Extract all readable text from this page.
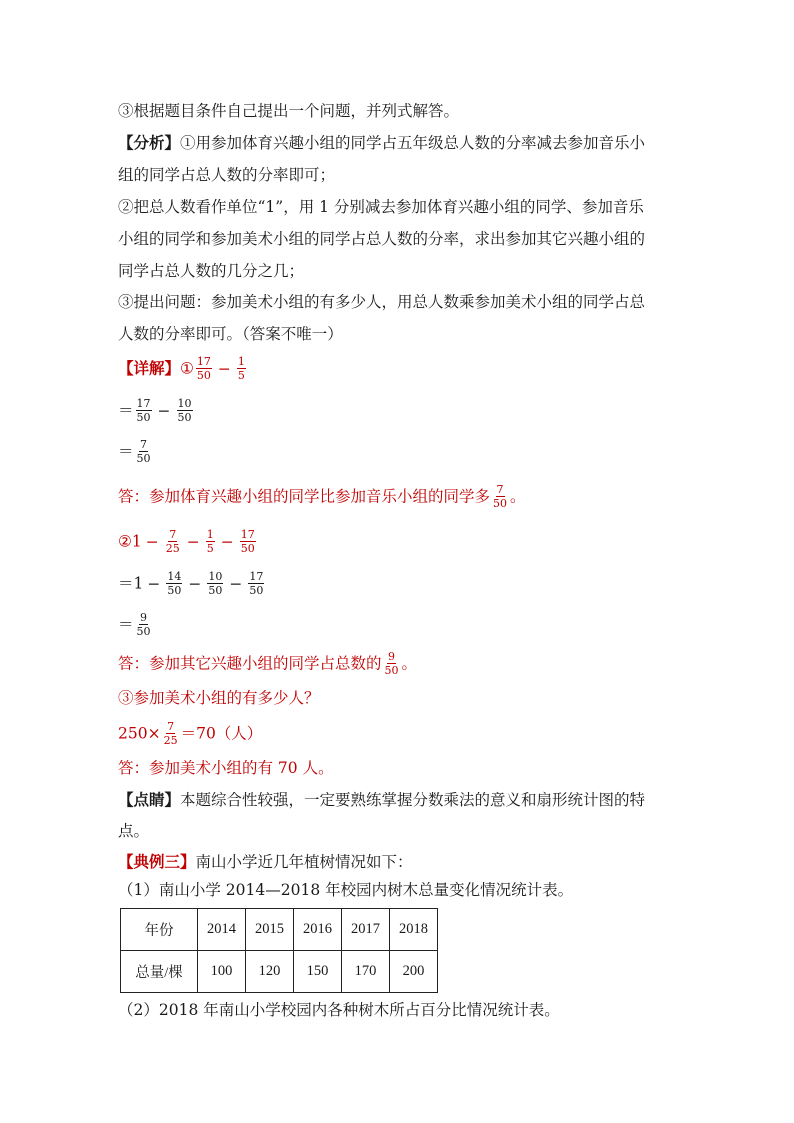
③根据题目条件自己提出一个问题，并列式解答。
【分析】①用参加体育兴趣小组的同学占五年级总人数的分率减去参加音乐小
组的同学占总人数的分率即可；
②把总人数看作单位“1”，用 1 分别减去参加体育兴趣小组的同学、参加音乐
小组的同学和参加美术小组的同学占总人数的分率，求出参加其它兴趣小组的
同学占总人数的几分之几；
③提出问题：参加美术小组的有多少人，用总人数乘参加美术小组的同学占总
人数的分率即可。（答案不唯一）
【详解】① $\frac{17}{50} - \frac{1}{5}$
＝ $\frac{17}{50} - \frac{10}{50}$
＝ $\frac{7}{50}$
答：参加体育兴趣小组的同学比参加音乐小组的同学多 $\frac{7}{50}$ 。
②1 − $\frac{7}{25} - \frac{1}{5} - \frac{17}{50}$
$=1 - \frac{14}{50} - \frac{10}{50} - \frac{17}{50}$
＝ $\frac{9}{50}$
答：参加其它兴趣小组的同学占总数的 $\frac{9}{50}$ 。
③参加美术小组的有多少人？
$250\times \frac{7}{25} =70$（人）
答：参加美术小组的有 70 人。
【点睛】本题综合性较强，一定要熟练掌握分数乘法的意义和扇形统计图的特
点。
【典例三】南山小学近几年植树情况如下：
（1）南山小学 2014—2018 年校园内树木总量变化情况统计表。
年份	2014	2015	2016	2017	2018
总量/棵	100	120	150	170	200
（2）2018 年南山小学校园内各种树木所占百分比情况统计表。
